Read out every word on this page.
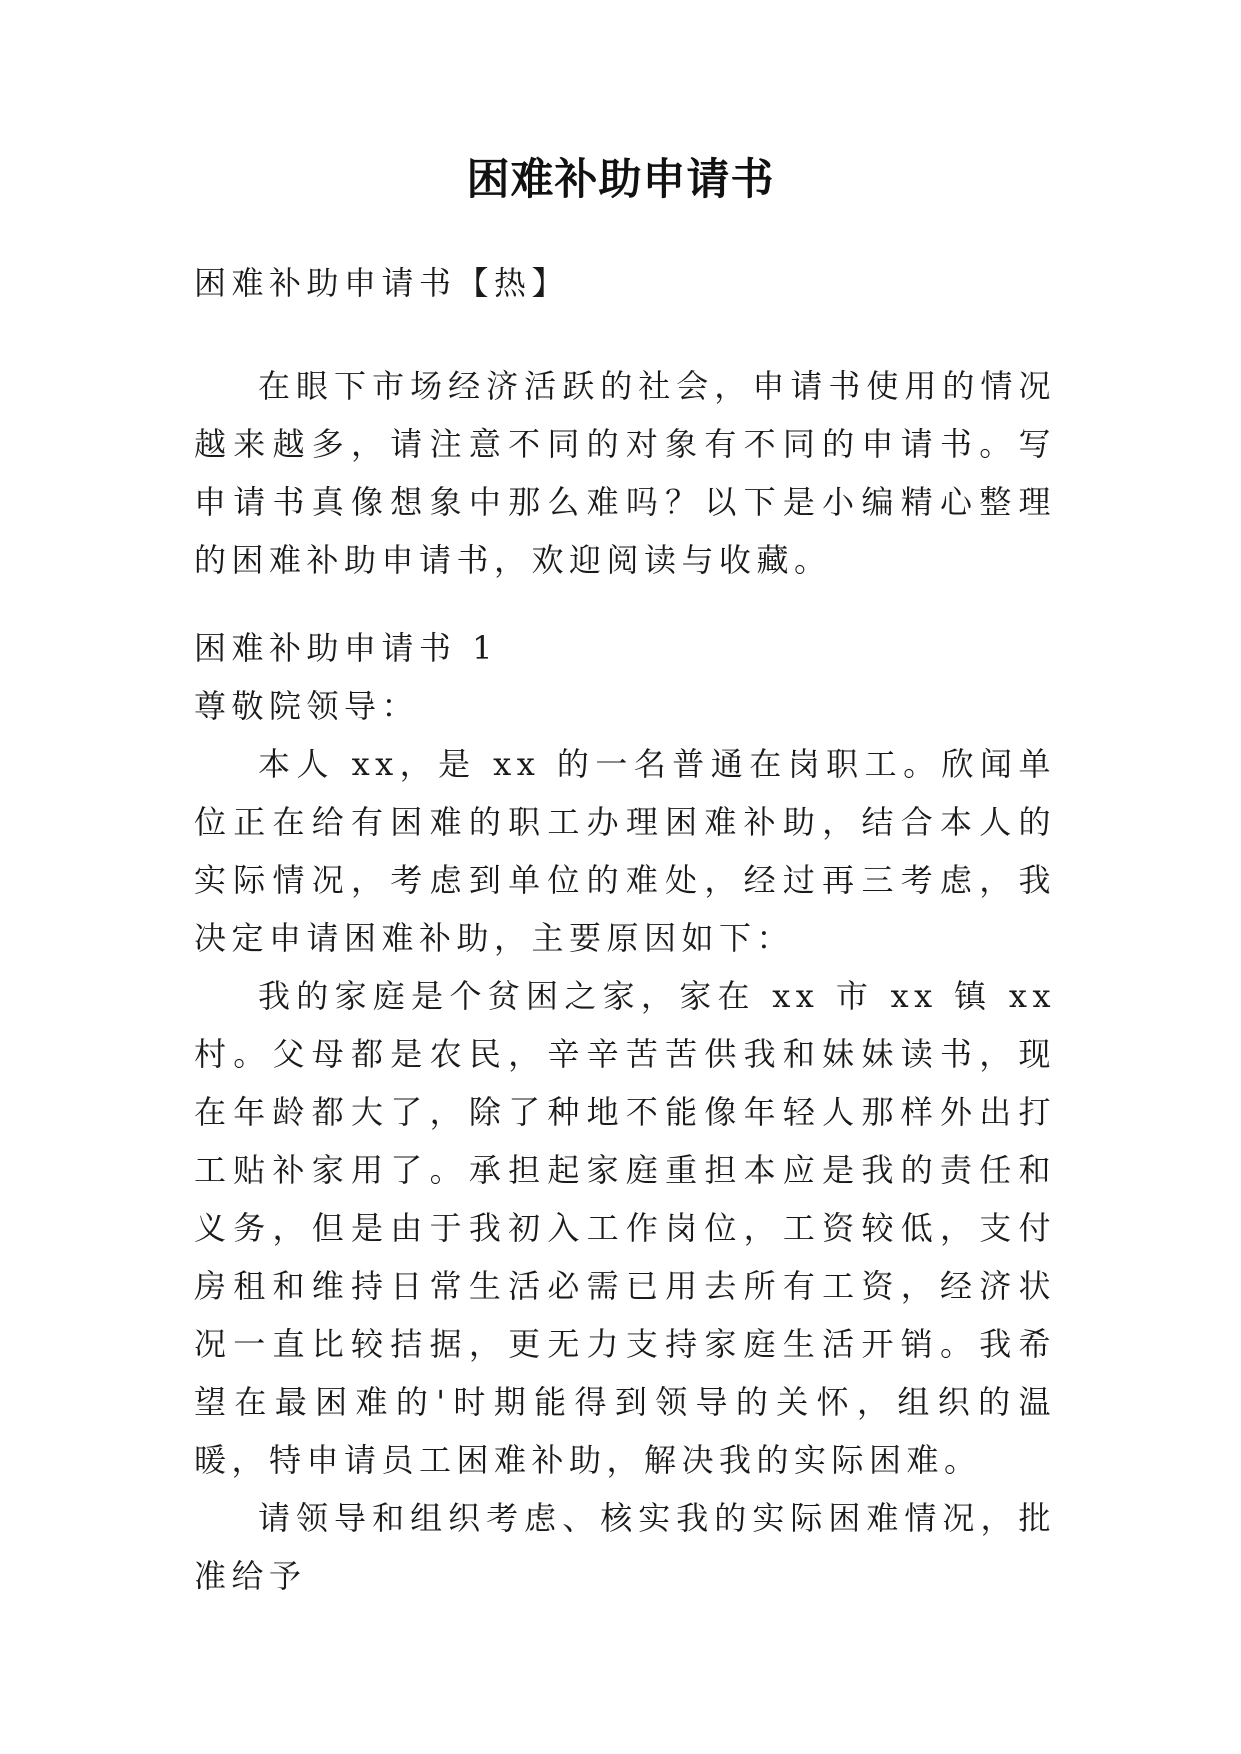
困难补助申请书

困难补助申请书【热】

在眼下市场经济活跃的社会，申请书使用的情况越来越多，请注意不同的对象有不同的申请书。写申请书真像想象中那么难吗？以下是小编精心整理的困难补助申请书，欢迎阅读与收藏。

困难补助申请书 1

尊敬院领导：

本人 xx，是 xx 的一名普通在岗职工。欣闻单位正在给有困难的职工办理困难补助，结合本人的实际情况，考虑到单位的难处，经过再三考虑，我决定申请困难补助，主要原因如下：

我的家庭是个贫困之家，家在 xx 市 xx 镇 xx 村。父母都是农民，辛辛苦苦供我和妹妹读书，现在年龄都大了，除了种地不能像年轻人那样外出打工贴补家用了。承担起家庭重担本应是我的责任和义务，但是由于我初入工作岗位，工资较低，支付房租和维持日常生活必需已用去所有工资，经济状况一直比较拮据，更无力支持家庭生活开销。我希望在最困难的'时期能得到领导的关怀，组织的温暖，特申请员工困难补助，解决我的实际困难。

请领导和组织考虑、核实我的实际困难情况，批准给予
